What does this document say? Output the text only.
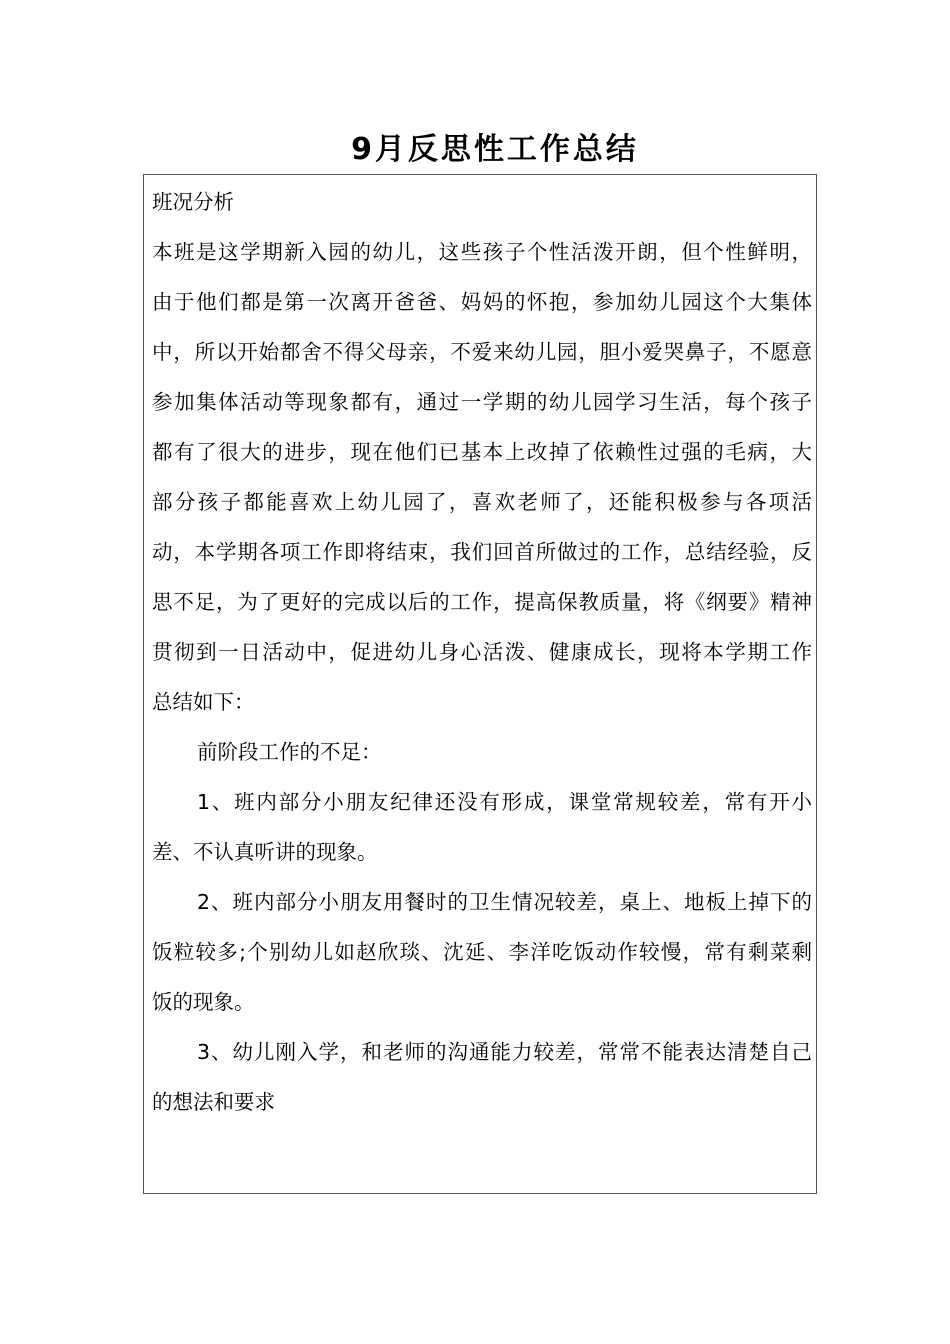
9月反思性工作总结
班况分析
本班是这学期新入园的幼儿，这些孩子个性活泼开朗，但个性鲜明，
由于他们都是第一次离开爸爸、妈妈的怀抱，参加幼儿园这个大集体
中，所以开始都舍不得父母亲，不爱来幼儿园，胆小爱哭鼻子，不愿意
参加集体活动等现象都有，通过一学期的幼儿园学习生活，每个孩子
都有了很大的进步，现在他们已基本上改掉了依赖性过强的毛病，大
部分孩子都能喜欢上幼儿园了，喜欢老师了，还能积极参与各项活
动，本学期各项工作即将结束，我们回首所做过的工作，总结经验，反
思不足，为了更好的完成以后的工作，提高保教质量，将《纲要》精神
贯彻到一日活动中，促进幼儿身心活泼、健康成长，现将本学期工作
总结如下：
前阶段工作的不足：
1、班内部分小朋友纪律还没有形成，课堂常规较差，常有开小
差、不认真听讲的现象。
2、班内部分小朋友用餐时的卫生情况较差，桌上、地板上掉下的
饭粒较多;个别幼儿如赵欣琰、沈延、李洋吃饭动作较慢，常有剩菜剩
饭的现象。
3、幼儿刚入学，和老师的沟通能力较差，常常不能表达清楚自己
的想法和要求
